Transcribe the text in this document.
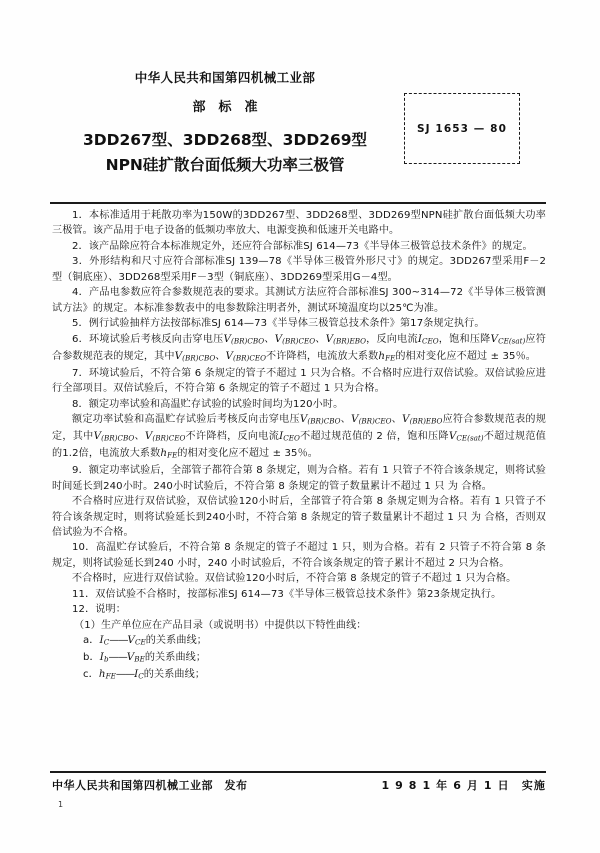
中华人民共和国第四机械工业部
部标准
3DD267型、3DD268型、3DD269型
NPN硅扩散台面低频大功率三极管
SJ 1653 — 80

1．本标准适用于耗散功率为150W的3DD267型、3DD268型、3DD269型NPN硅扩散台面低频大功率三极管。该产品用于电子设备的低频功率放大、电源变换和低速开关电路中。

2．该产品除应符合本标准规定外，还应符合部标准SJ 614—73《半导体三极管总技术条件》的规定。

3．外形结构和尺寸应符合部标准SJ 139—78《半导体三极管外形尺寸》的规定。3DD267型采用F－2型（铜底座）、3DD268型采用F－3型（铜底座）、3DD269型采用G－4型。

4．产品电参数应符合参数规范表的要求。其测试方法应符合部标准SJ 300~314—72《半导体三极管测试方法》的规定。本标准参数表中的电参数除注明者外，测试环境温度均以25℃为准。

5．例行试验抽样方法按部标准SJ 614—73《半导体三极管总技术条件》第17条规定执行。

6．环境试验后考核反向击穿电压$V_{(BR)CBO}$、$V_{(BR)CEO}$、$V_{(BR)EBO}$，反向电流$I_{CEO}$，饱和压降$V_{CE(sat)}$应符合参数规范表的规定，其中$V_{(BR)CBO}$、$V_{(BR)CEO}$不许降档，电流放大系数$h_{FE}$的相对变化应不超过 ± 35％。

7．环境试验后，不符合第 6 条规定的管子不超过 1 只为合格。不合格时应进行双倍试验。双倍试验应进行全部项目。双倍试验后，不符合第 6 条规定的管子不超过 1 只为合格。

8．额定功率试验和高温贮存试验的试验时间均为120小时。

额定功率试验和高温贮存试验后考核反向击穿电压$V_{(BR)CBO}$、$V_{(BR)CEO}$、$V_{(BR)EBO}$应符合参数规范表的规定，其中$V_{(BR)CBO}$、$V_{(BR)CEO}$不许降档，反向电流$I_{CEO}$不超过规范值的 2 倍，饱和压降$V_{CE(sat)}$不超过规范值的1.2倍，电流放大系数$h_{FE}$的相对变化应不超过 ± 35％。

9．额定功率试验后，全部管子都符合第 8 条规定，则为合格。若有 1 只管子不符合该条规定，则将试验时间延长到240小时。240小时试验后，不符合第 8 条规定的管子数量累计不超过 1 只 为 合格。

不合格时应进行双倍试验，双倍试验120小时后，全部管子符合第 8 条规定则为合格。若有 1 只管子不符合该条规定时，则将试验延长到240小时，不符合第 8 条规定的管子数量累计不超过 1 只 为 合格，否则双倍试验为不合格。

10．高温贮存试验后，不符合第 8 条规定的管子不超过 1 只，则为合格。若有 2 只管子不符合第 8 条规定，则将试验延长到240 小时，240 小时试验后，不符合该条规定的管子累计不超过 2 只为合格。

不合格时，应进行双倍试验。双倍试验120小时后，不符合第 8 条规定的管子不超过 1 只为合格。

11．双倍试验不合格时，按部标准SJ 614—73《半导体三极管总技术条件》第23条规定执行。

12．说明：

（1）生产单位应在产品目录（或说明书）中提供以下特性曲线：

a．$I_C——V_{CE}$的关系曲线；

b．$I_b——V_{BE}$的关系曲线；

c．$h_{FE}——I_C$的关系曲线；

中华人民共和国第四机械工业部　发布	1 9 8 1 年 6 月 1 日　实施
1
